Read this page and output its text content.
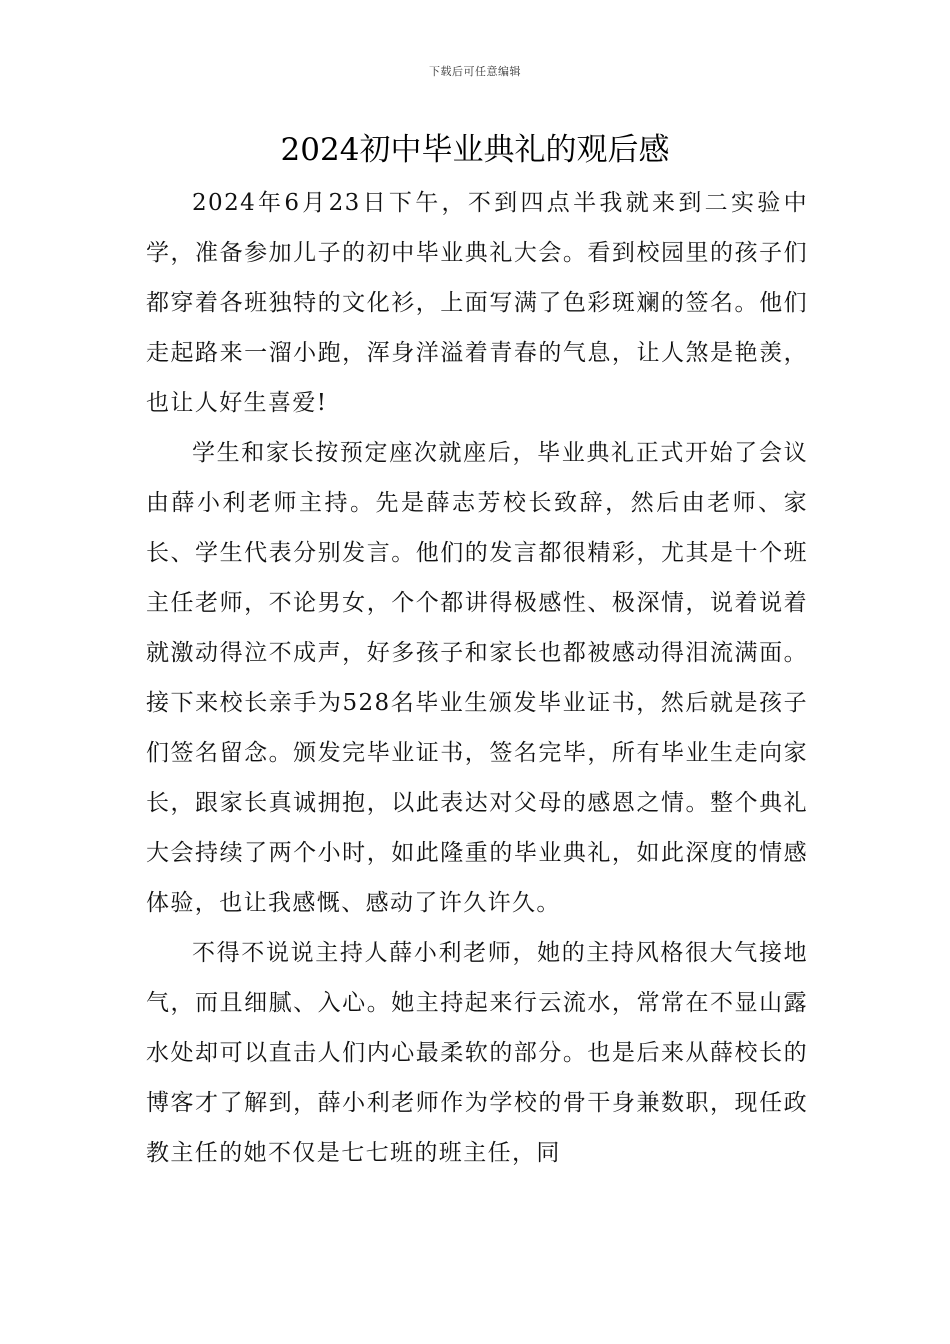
下载后可任意编辑
2024初中毕业典礼的观后感

2024年6月23日下午，不到四点半我就来到二实验中学，准备参加儿子的初中毕业典礼大会。看到校园里的孩子们都穿着各班独特的文化衫，上面写满了色彩斑斓的签名。他们走起路来一溜小跑，浑身洋溢着青春的气息，让人煞是艳羡，也让人好生喜爱!

学生和家长按预定座次就座后，毕业典礼正式开始了会议由薛小利老师主持。先是薛志芳校长致辞，然后由老师、家长、学生代表分别发言。他们的发言都很精彩，尤其是十个班主任老师，不论男女，个个都讲得极感性、极深情，说着说着就激动得泣不成声，好多孩子和家长也都被感动得泪流满面。接下来校长亲手为528名毕业生颁发毕业证书，然后就是孩子们签名留念。颁发完毕业证书，签名完毕，所有毕业生走向家长，跟家长真诚拥抱，以此表达对父母的感恩之情。整个典礼大会持续了两个小时，如此隆重的毕业典礼，如此深度的情感体验，也让我感慨、感动了许久许久。

不得不说说主持人薛小利老师，她的主持风格很大气接地气，而且细腻、入心。她主持起来行云流水，常常在不显山露水处却可以直击人们内心最柔软的部分。也是后来从薛校长的博客才了解到，薛小利老师作为学校的骨干身兼数职，现任政教主任的她不仅是七七班的班主任，同
